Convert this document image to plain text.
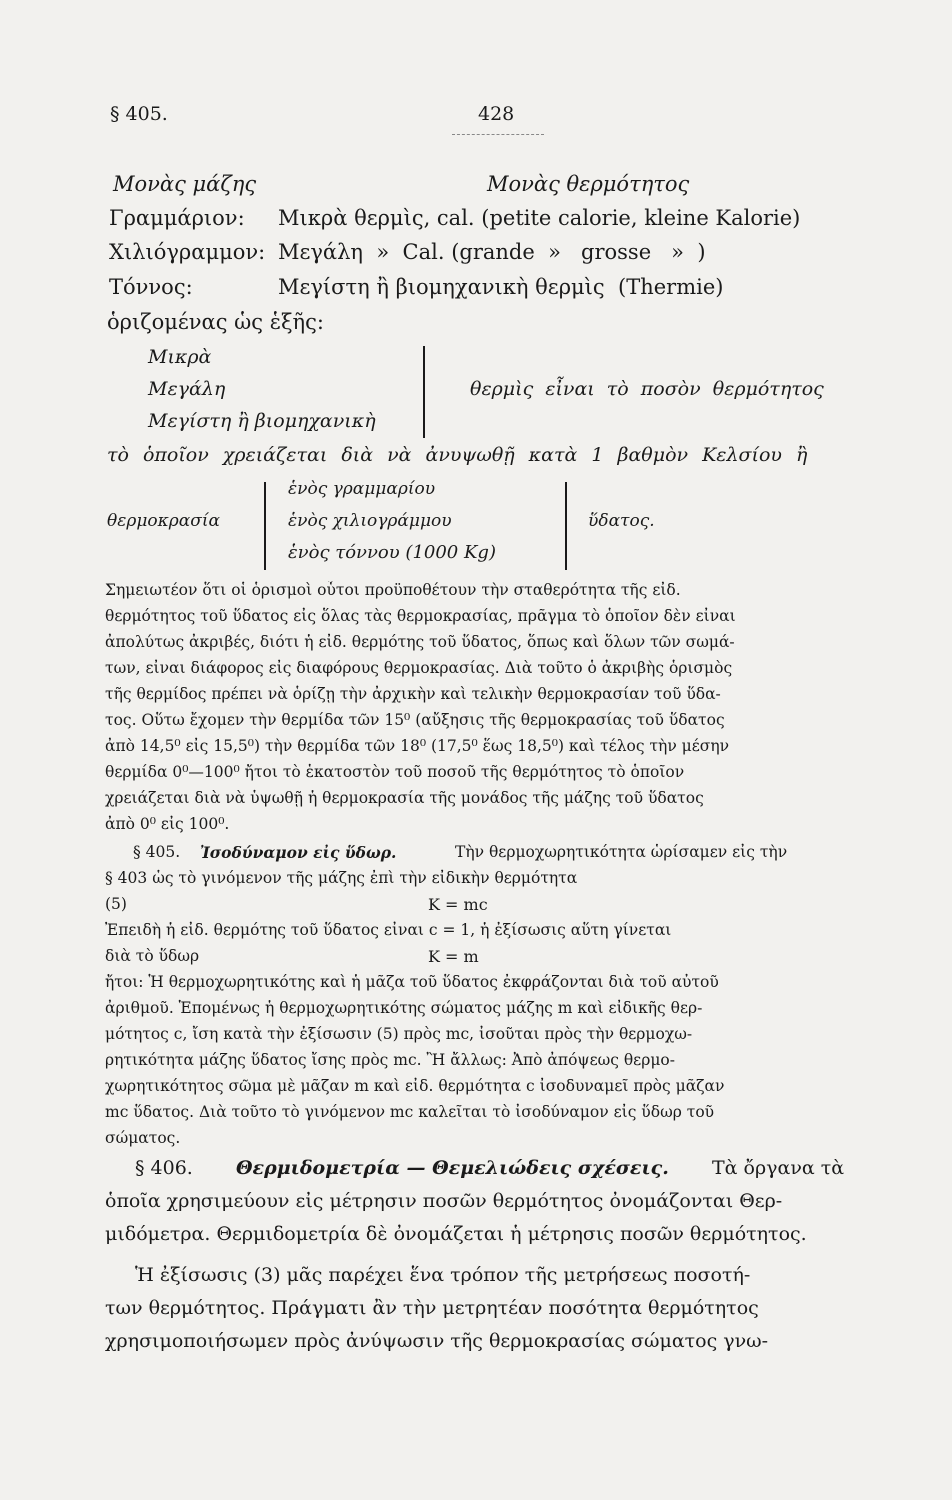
§ 405.	428
Μονὰς μάζης	Μονὰς θερμότητος
Γραμμάριον: Μικρὰ θερμὶς, cal. (petite calorie, kleine Kalorie)
Χιλιόγραμμον: Μεγάλη  »  Cal. (grande  »   grosse   »  )
Τόννος:	Μεγίστη ἢ βιομηχανικὴ θερμὶς  (Thermie)
ὁριζομένας ὡς ἑξῆς:
Μικρὰ
Μεγάλη
Μεγίστη ἢ βιομηχανικὴ
θερμὶς εἶναι τὸ ποσὸν θερμότητος
τὸ ὁποῖον χρειάζεται διὰ νὰ ἀνυψωθῇ κατὰ 1 βαθμὸν Κελσίου ἢ
θερμοκρασία
ἑνὸς γραμμαρίου
ἑνὸς χιλιογράμμου
ἑνὸς τόννου (1000 Kg)
ὕδατος.
Σημειωτέον ὅτι οἱ ὁρισμοὶ οὗτοι προϋποθέτουν τὴν σταθερότητα τῆς εἰδ.
θερμότητος τοῦ ὕδατος εἰς ὅλας τὰς θερμοκρασίας, πρᾶγμα τὸ ὁποῖον δὲν εἶναι
ἀπολύτως ἀκριβές, διότι ἡ εἰδ. θερμότης τοῦ ὕδατος, ὅπως καὶ ὅλων τῶν σωμά-
των, εἶναι διάφορος εἰς διαφόρους θερμοκρασίας. Διὰ τοῦτο ὁ ἀκριβὴς ὁρισμὸς
τῆς θερμίδος πρέπει νὰ ὁρίζῃ τὴν ἀρχικὴν καὶ τελικὴν θερμοκρασίαν τοῦ ὕδα-
τος. Οὕτω ἔχομεν τὴν θερμίδα τῶν 15⁰ (αὔξησις τῆς θερμοκρασίας τοῦ ὕδατος
ἀπὸ 14,5⁰ εἰς 15,5⁰) τὴν θερμίδα τῶν 18⁰ (17,5⁰ ἕως 18,5⁰) καὶ τέλος τὴν μέσην
θερμίδα 0⁰—100⁰ ἤτοι τὸ ἑκατοστὸν τοῦ ποσοῦ τῆς θερμότητος τὸ ὁποῖον
χρειάζεται διὰ νὰ ὑψωθῇ ἡ θερμοκρασία τῆς μονάδος τῆς μάζης τοῦ ὕδατος
ἀπὸ 0⁰ εἰς 100⁰.
§ 405. Ἰσοδύναμον εἰς ὕδωρ.	Τὴν θερμοχωρητικότητα ὡρίσαμεν εἰς τὴν
§ 403 ὡς τὸ γινόμενον τῆς μάζης ἐπὶ τὴν εἰδικὴν θερμότητα
(5)	K = mc
Ἐπειδὴ ἡ εἰδ. θερμότης τοῦ ὕδατος εἶναι c = 1, ἡ ἐξίσωσις αὕτη γίνεται
διὰ τὸ ὕδωρ	K = m
ἤτοι: Ἡ θερμοχωρητικότης καὶ ἡ μᾶζα τοῦ ὕδατος ἐκφράζονται διὰ τοῦ αὐτοῦ
ἀριθμοῦ. Ἑπομένως ἡ θερμοχωρητικότης σώματος μάζης m καὶ εἰδικῆς θερ-
μότητος c, ἴση κατὰ τὴν ἐξίσωσιν (5) πρὸς mc, ἰσοῦται πρὸς τὴν θερμοχω-
ρητικότητα μάζης ὕδατος ἴσης πρὸς mc. Ἢ ἄλλως: Ἀπὸ ἀπόψεως θερμο-
χωρητικότητος σῶμα μὲ μᾶζαν m καὶ εἰδ. θερμότητα c ἰσοδυναμεῖ πρὸς μᾶζαν
mc ὕδατος. Διὰ τοῦτο τὸ γινόμενον mc καλεῖται τὸ ἰσοδύναμον εἰς ὕδωρ τοῦ
σώματος.
§ 406. Θερμιδομετρία — Θεμελιώδεις σχέσεις. Τὰ ὄργανα τὰ
ὁποῖα χρησιμεύουν εἰς μέτρησιν ποσῶν θερμότητος ὀνομάζονται Θερ-
μιδόμετρα. Θερμιδομετρία δὲ ὀνομάζεται ἡ μέτρησις ποσῶν θερμότητος.
Ἡ ἐξίσωσις (3) μᾶς παρέχει ἕνα τρόπον τῆς μετρήσεως ποσοτή-
των θερμότητος. Πράγματι ἂν τὴν μετρητέαν ποσότητα θερμότητος
χρησιμοποιήσωμεν πρὸς ἀνύψωσιν τῆς θερμοκρασίας σώματος γνω-
